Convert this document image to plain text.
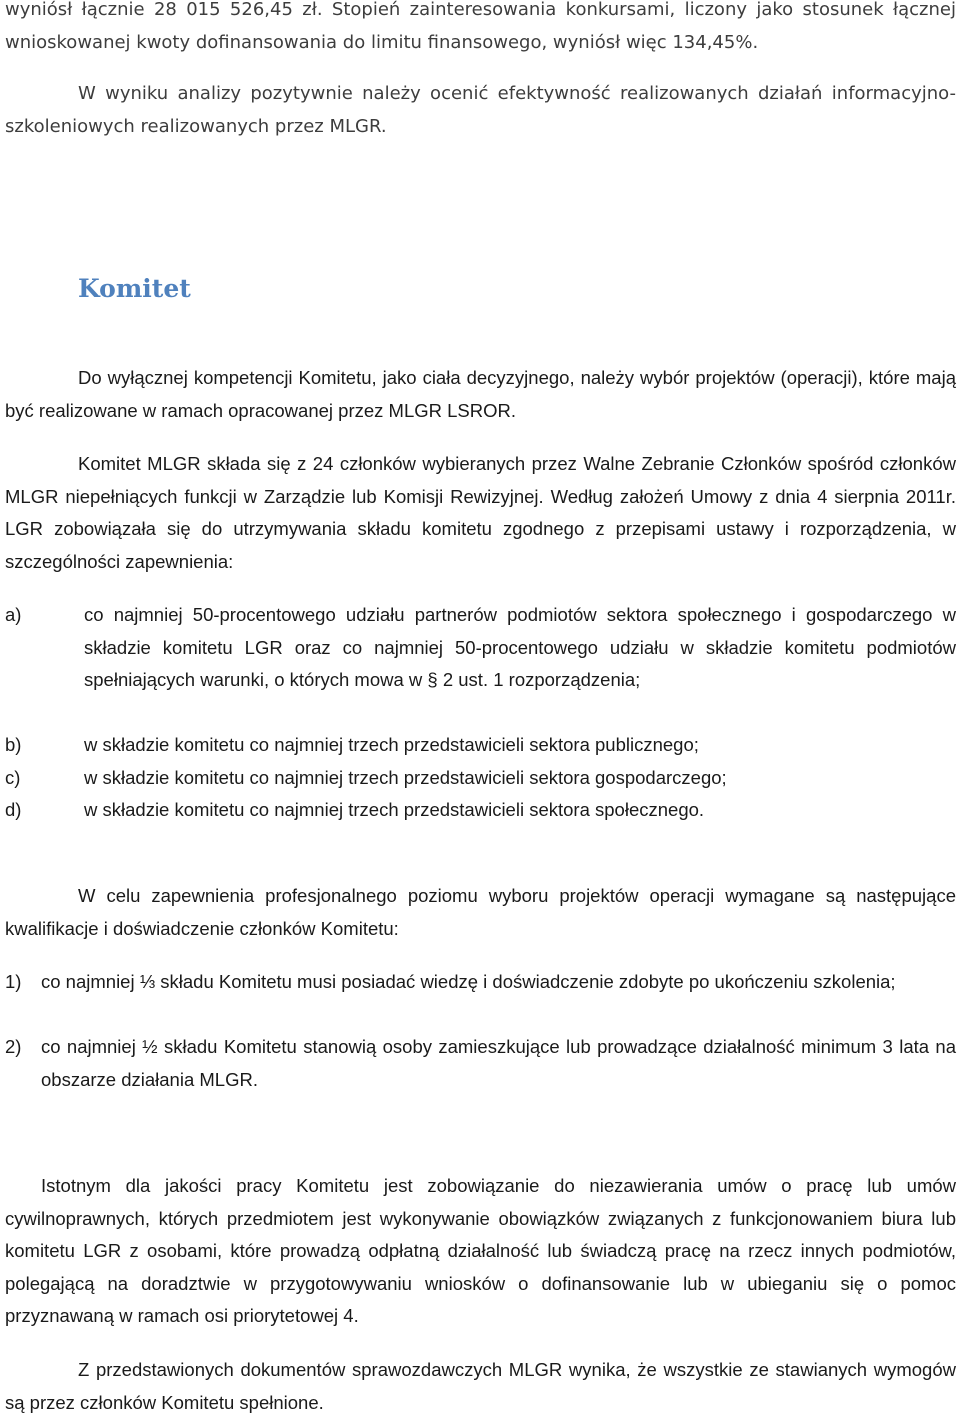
wyniósł łącznie 28 015 526,45 zł. Stopień zainteresowania konkursami, liczony jako stosunek łącznej wnioskowanej kwoty dofinansowania do limitu finansowego, wyniósł więc 134,45%.

W wyniku analizy pozytywnie należy ocenić efektywność realizowanych działań informacyjno-szkoleniowych realizowanych przez MLGR.

Komitet

Do wyłącznej kompetencji Komitetu, jako ciała decyzyjnego, należy wybór projektów (operacji), które mają być realizowane w ramach opracowanej przez MLGR LSROR.

Komitet MLGR składa się z 24 członków wybieranych przez Walne Zebranie Członków spośród członków MLGR niepełniących funkcji w Zarządzie lub Komisji Rewizyjnej. Według założeń Umowy z dnia 4 sierpnia 2011r. LGR zobowiązała się do utrzymywania składu komitetu zgodnego z przepisami ustawy i rozporządzenia, w szczególności zapewnienia:

a)	co najmniej 50-procentowego udziału partnerów podmiotów sektora społecznego i gospodarczego w składzie komitetu LGR oraz co najmniej 50-procentowego udziału w składzie komitetu podmiotów spełniających warunki, o których mowa w § 2 ust. 1 rozporządzenia;
b)	w składzie komitetu co najmniej trzech przedstawicieli sektora publicznego;
c)	w składzie komitetu co najmniej trzech przedstawicieli sektora gospodarczego;
d)	w składzie komitetu co najmniej trzech przedstawicieli sektora społecznego.

W celu zapewnienia profesjonalnego poziomu wyboru projektów operacji wymagane są następujące kwalifikacje i doświadczenie członków Komitetu:

1) co najmniej ⅓ składu Komitetu musi posiadać wiedzę i doświadczenie zdobyte po ukończeniu szkolenia;
2) co najmniej ½ składu Komitetu stanowią osoby zamieszkujące lub prowadzące działalność minimum 3 lata na obszarze działania MLGR.

Istotnym dla jakości pracy Komitetu jest zobowiązanie do niezawierania umów o pracę lub umów cywilnoprawnych, których przedmiotem jest wykonywanie obowiązków związanych z funkcjonowaniem biura lub komitetu LGR z osobami, które prowadzą odpłatną działalność lub świadczą pracę na rzecz innych podmiotów, polegającą na doradztwie w przygotowywaniu wniosków o dofinansowanie lub w ubieganiu się o pomoc przyznawaną w ramach osi priorytetowej 4.

Z przedstawionych dokumentów sprawozdawczych MLGR wynika, że wszystkie ze stawianych wymogów są przez członków Komitetu spełnione.
